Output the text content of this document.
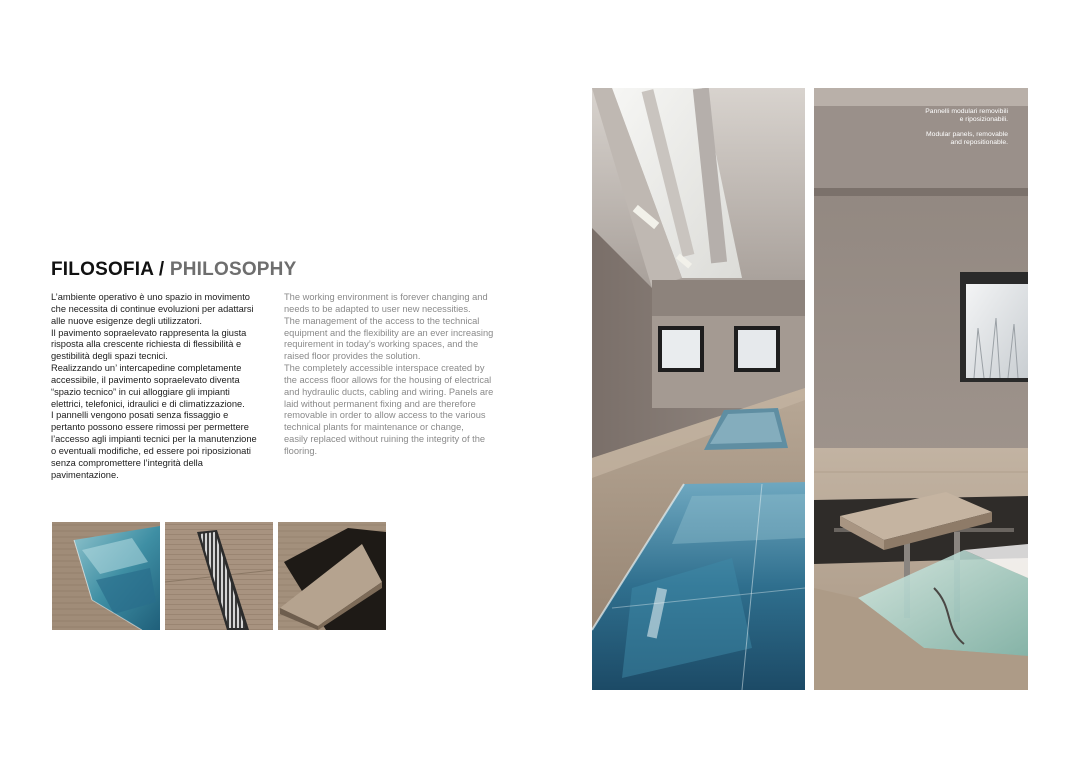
FILOSOFIA / PHILOSOPHY
L’ambiente operativo è uno spazio in movimento
che necessita di continue evoluzioni per adattarsi
alle nuove esigenze degli utilizzatori.
Il pavimento sopraelevato rappresenta la giusta
risposta alla crescente richiesta di flessibilità e
gestibilità degli spazi tecnici.
Realizzando un’ intercapedine completamente
accessibile, il pavimento sopraelevato diventa
“spazio tecnico” in cui alloggiare gli impianti
elettrici, telefonici, idraulici e di climatizzazione.
I pannelli vengono posati senza fissaggio e
pertanto possono essere rimossi per permettere
l’accesso agli impianti tecnici per la manutenzione
o eventuali modifiche, ed essere poi riposizionati
senza compromettere l’integrità della
pavimentazione.
The working environment is forever changing and
needs to be adapted to user new necessities.
The management of the access to the technical
equipment and the flexibility are an ever increasing
requirement in today’s working spaces, and the
raised floor provides the solution.
The completely accessible interspace created by
the access floor allows for the housing of electrical
and hydraulic ducts, cabling and wiring. Panels are
laid without permanent fixing and are therefore
removable in order to allow access to the various
technical plants for maintenance or change,
easily replaced without ruining the integrity of the
flooring.
Pannelli modulari removibili
e riposizionabili.
Modular panels, removable
and repositionable.
